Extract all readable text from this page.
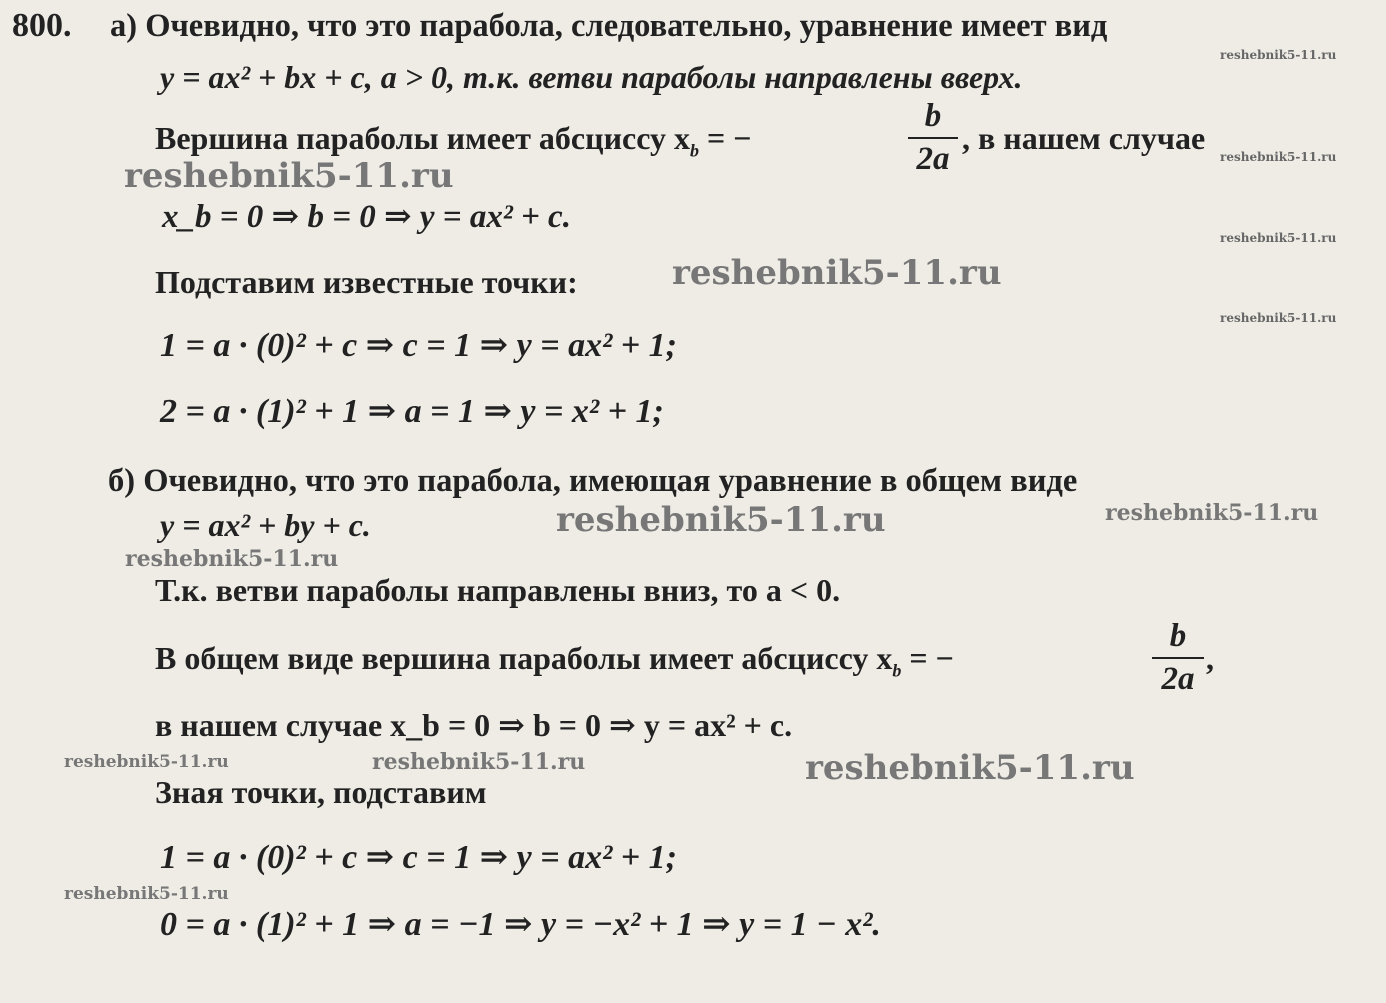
800. а) Очевидно, что это парабола, следовательно, уравнение имеет вид
y = ax² + bx + c, a > 0, т.к. ветви параболы направлены вверх.
Вершина параболы имеет абсциссу $x_b$ = −
b
2a
, в нашем случае
x_b = 0 ⇒ b = 0 ⇒ y = ax² + c.
Подставим известные точки:
1 = a · (0)² + c ⇒ c = 1 ⇒ y = ax² + 1;
2 = a · (1)² + 1 ⇒ a = 1 ⇒ y = x² + 1;
б) Очевидно, что это парабола, имеющая уравнение в общем виде
y = ax² + by + c.
Т.к. ветви параболы направлены вниз, то a < 0.
В общем виде вершина параболы имеет абсциссу $x_b$ = −
b
2a
,
в нашем случае x_b = 0 ⇒ b = 0 ⇒ y = ax² + c.
Зная точки, подставим
1 = a · (0)² + c ⇒ c = 1 ⇒ y = ax² + 1;
0 = a · (1)² + 1 ⇒ a = −1 ⇒ y = −x² + 1 ⇒ y = 1 − x².
reshebnik5-11.ru
reshebnik5-11.ru
reshebnik5-11.ru
reshebnik5-11.ru
reshebnik5-11.ru
reshebnik5-11.ru
reshebnik5-11.ru
reshebnik5-11.ru
reshebnik5-11.ru
reshebnik5-11.ru
reshebnik5-11.ru
reshebnik5-11.ru
reshebnik5-11.ru
